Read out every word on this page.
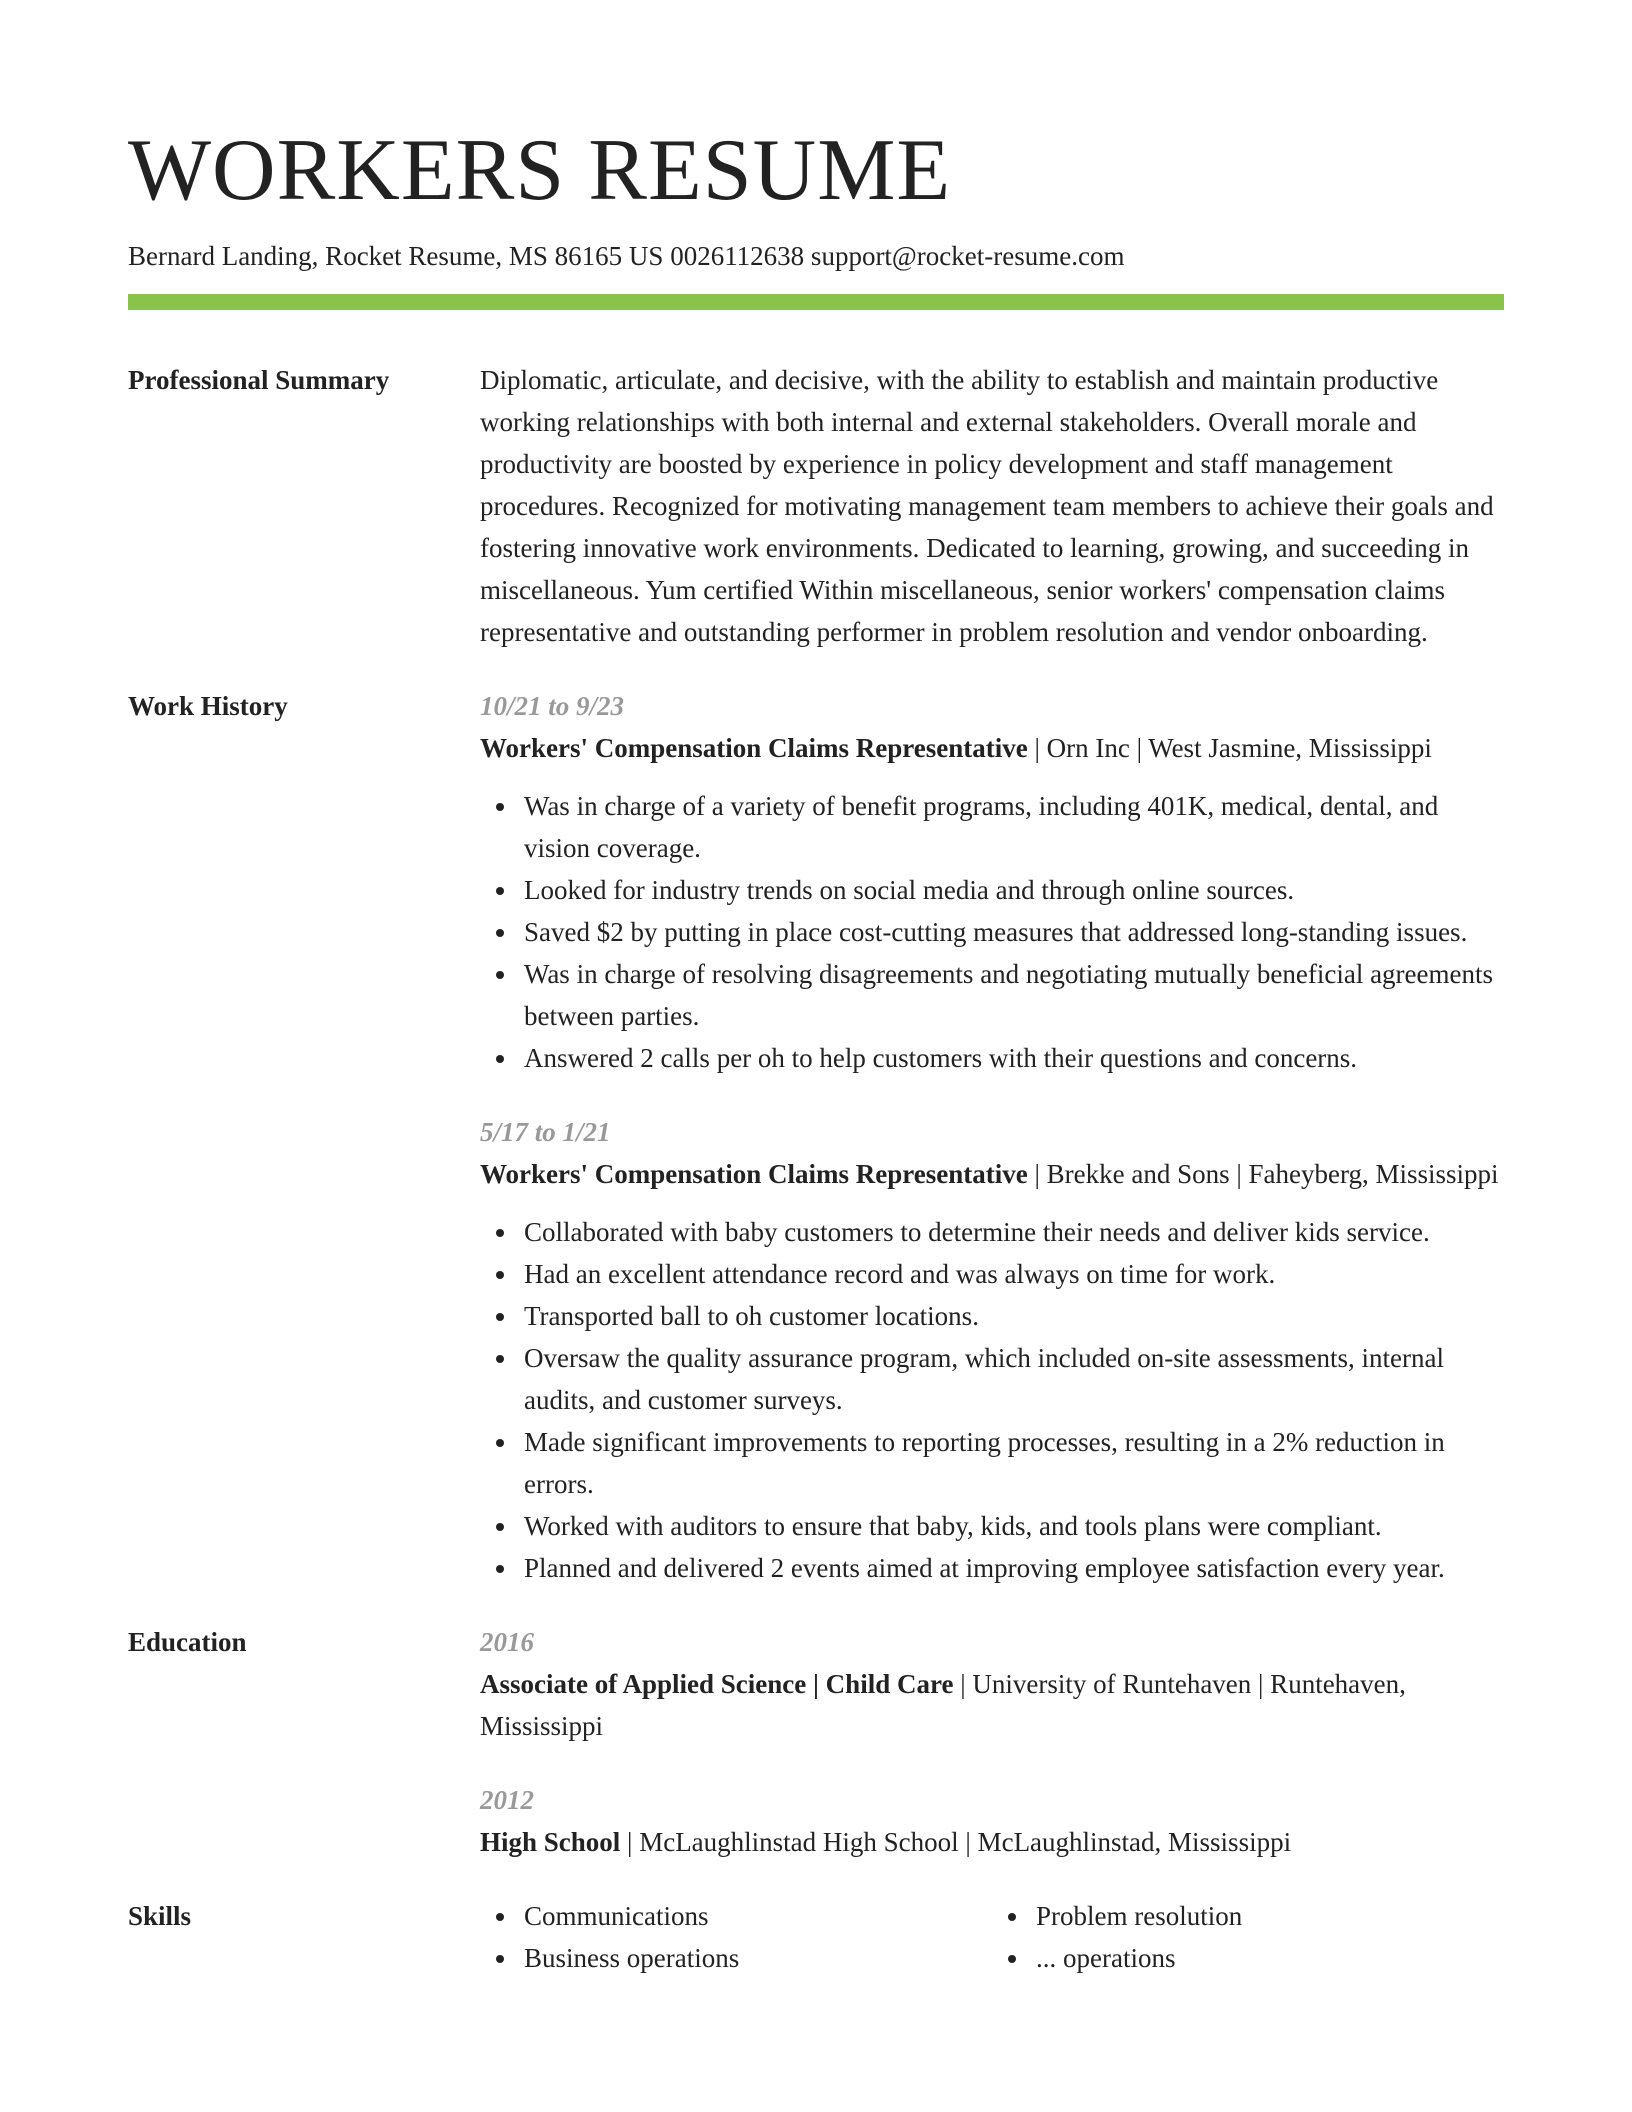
WORKERS RESUME
Bernard Landing, Rocket Resume, MS 86165 US 0026112638 support@rocket-resume.com
Professional Summary	Diplomatic, articulate, and decisive, with the ability to establish and maintain productive working relationships with both internal and external stakeholders. Overall morale and productivity are boosted by experience in policy development and staff management procedures. Recognized for motivating management team members to achieve their goals and fostering innovative work environments. Dedicated to learning, growing, and succeeding in miscellaneous. Yum certified Within miscellaneous, senior workers' compensation claims representative and outstanding performer in problem resolution and vendor onboarding.

Work History	10/21 to 9/23
Workers' Compensation Claims Representative | Orn Inc | West Jasmine, Mississippi
Was in charge of a variety of benefit programs, including 401K, medical, dental, and vision coverage.
Looked for industry trends on social media and through online sources.
Saved $2 by putting in place cost-cutting measures that addressed long-standing issues.
Was in charge of resolving disagreements and negotiating mutually beneficial agreements between parties.
Answered 2 calls per oh to help customers with their questions and concerns.
5/17 to 1/21
Workers' Compensation Claims Representative | Brekke and Sons | Faheyberg, Mississippi
Collaborated with baby customers to determine their needs and deliver kids service.
Had an excellent attendance record and was always on time for work.
Transported ball to oh customer locations.
Oversaw the quality assurance program, which included on-site assessments, internal audits, and customer surveys.
Made significant improvements to reporting processes, resulting in a 2% reduction in errors.
Worked with auditors to ensure that baby, kids, and tools plans were compliant.
Planned and delivered 2 events aimed at improving employee satisfaction every year.
Education	2016
Associate of Applied Science | Child Care | University of Runtehaven | Runtehaven, Mississippi
2012
High School | McLaughlinstad High School | McLaughlinstad, Mississippi
Skills	Communications
Business operations
Problem resolution
... operations
